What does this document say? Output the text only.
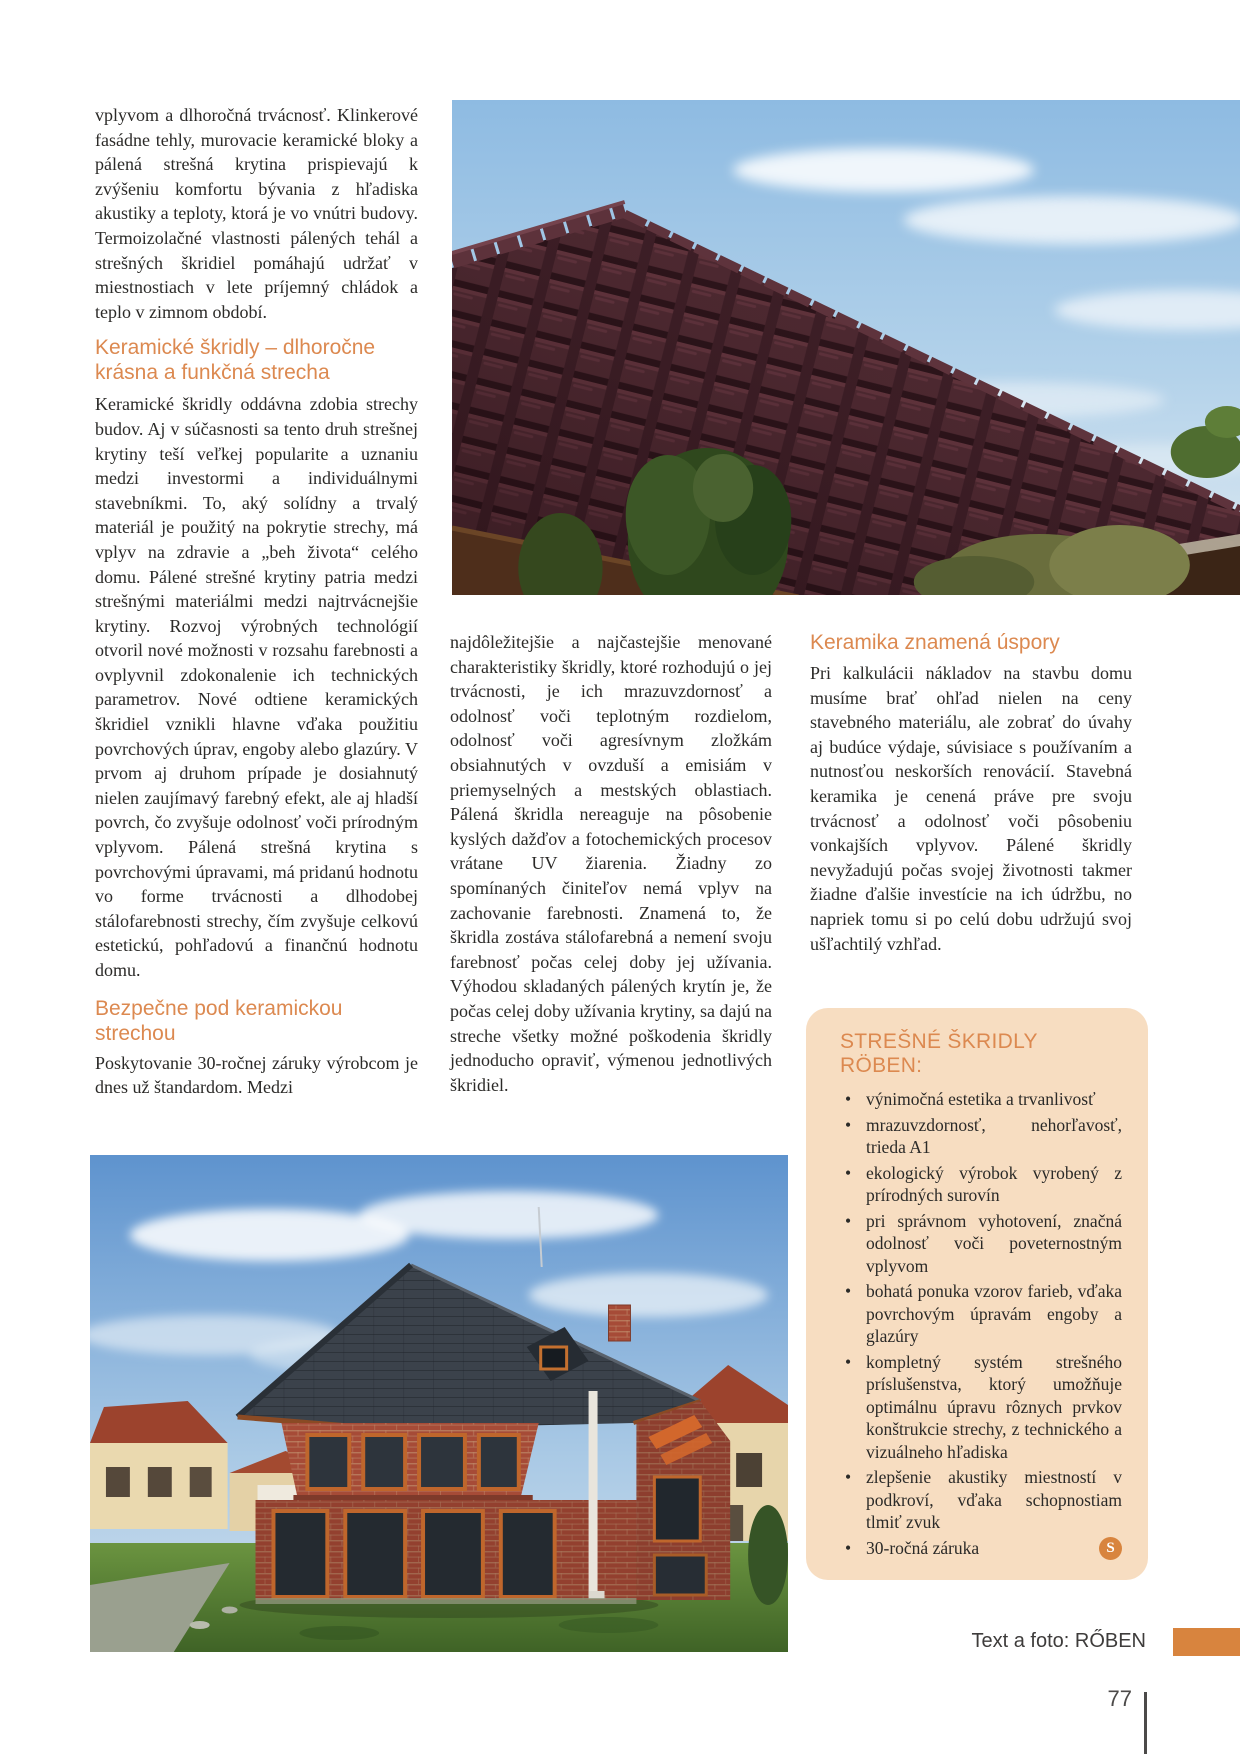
vplyvom a dlhoročná trvácnosť. Klinkerové fasádne tehly, murovacie keramické bloky a pálená strešná krytina prispievajú k zvýšeniu komfortu bývania z hľadiska akustiky a teploty, ktorá je vo vnútri budovy. Termoizolačné vlastnosti pálených tehál a strešných škridiel pomáhajú udržať v miestnostiach v lete príjemný chládok a teplo v zimnom období.

Keramické škridly – dlhoročne krásna a funkčná strecha

Keramické škridly oddávna zdobia strechy budov. Aj v súčasnosti sa tento druh strešnej krytiny teší veľkej popularite a uznaniu medzi investormi a individuálnymi stavebníkmi. To, aký solídny a trvalý materiál je použitý na pokrytie strechy, má vplyv na zdravie a „beh života“ celého domu. Pálené strešné krytiny patria medzi strešnými materiálmi medzi najtrvácnejšie krytiny. Rozvoj výrobných technológií otvoril nové možnosti v rozsahu farebnosti a ovplyvnil zdokonalenie ich technických parametrov. Nové odtiene keramických škridiel vznikli hlavne vďaka použitiu povrchových úprav, engoby alebo glazúry. V prvom aj druhom prípade je dosiahnutý nielen zaujímavý farebný efekt, ale aj hladší povrch, čo zvyšuje odolnosť voči prírodným vplyvom. Pálená strešná krytina s povrchovými úpravami, má pridanú hodnotu vo forme trvácnosti a dlhodobej stálofarebnosti strechy, čím zvyšuje celkovú estetickú, pohľadovú a finančnú hodnotu domu.

Bezpečne pod keramickou strechou

Poskytovanie 30-ročnej záruky výrobcom je dnes už štandardom. Medzi

najdôležitejšie a najčastejšie menované charakteristiky škridly, ktoré rozhodujú o jej trvácnosti, je ich mrazuvzdornosť a odolnosť voči teplotným rozdielom, odolnosť voči agresívnym zložkám obsiahnutých v ovzduší a emisiám v priemyselných a mestských oblastiach. Pálená škridla nereaguje na pôsobenie kyslých dažďov a fotochemických procesov vrátane UV žiarenia. Žiadny zo spomínaných činiteľov nemá vplyv na zachovanie farebnosti. Znamená to, že škridla zostáva stálofarebná a nemení svoju farebnosť počas celej doby jej užívania. Výhodou skladaných pálených krytín je, že počas celej doby užívania krytiny, sa dajú na streche všetky možné poškodenia škridly jednoducho opraviť, výmenou jednotlivých škridiel.

Keramika znamená úspory

Pri kalkulácii nákladov na stavbu domu musíme brať ohľad nielen na ceny stavebného materiálu, ale zobrať do úvahy aj budúce výdaje, súvisiace s používaním a nutnosťou neskorších renovácií. Stavebná keramika je cenená práve pre svoju trvácnosť a odolnosť voči pôsobeniu vonkajších vplyvov. Pálené škridly nevyžadujú počas svojej životnosti takmer žiadne ďalšie investície na ich údržbu, no napriek tomu si po celú dobu udržujú svoj ušľachtilý vzhľad.

STREŠNÉ ŠKRIDLY RÖBEN:
• výnimočná estetika a trvanlivosť
• mrazuvzdornosť, nehorľavosť, trieda A1
• ekologický výrobok vyrobený z prírodných surovín
• pri správnom vyhotovení, značná odolnosť voči poveternostným vplyvom
• bohatá ponuka vzorov farieb, vďaka povrchovým úpravám engoby a glazúry
• kompletný systém strešného príslušenstva, ktorý umožňuje optimálnu úpravu rôznych prvkov konštrukcie strechy, z technického a vizuálneho hľadiska
• zlepšenie akustiky miestností v podkroví, vďaka schopnostiam tlmiť zvuk
• 30-ročná záruka	S
Text a foto: RŐBEN
77
